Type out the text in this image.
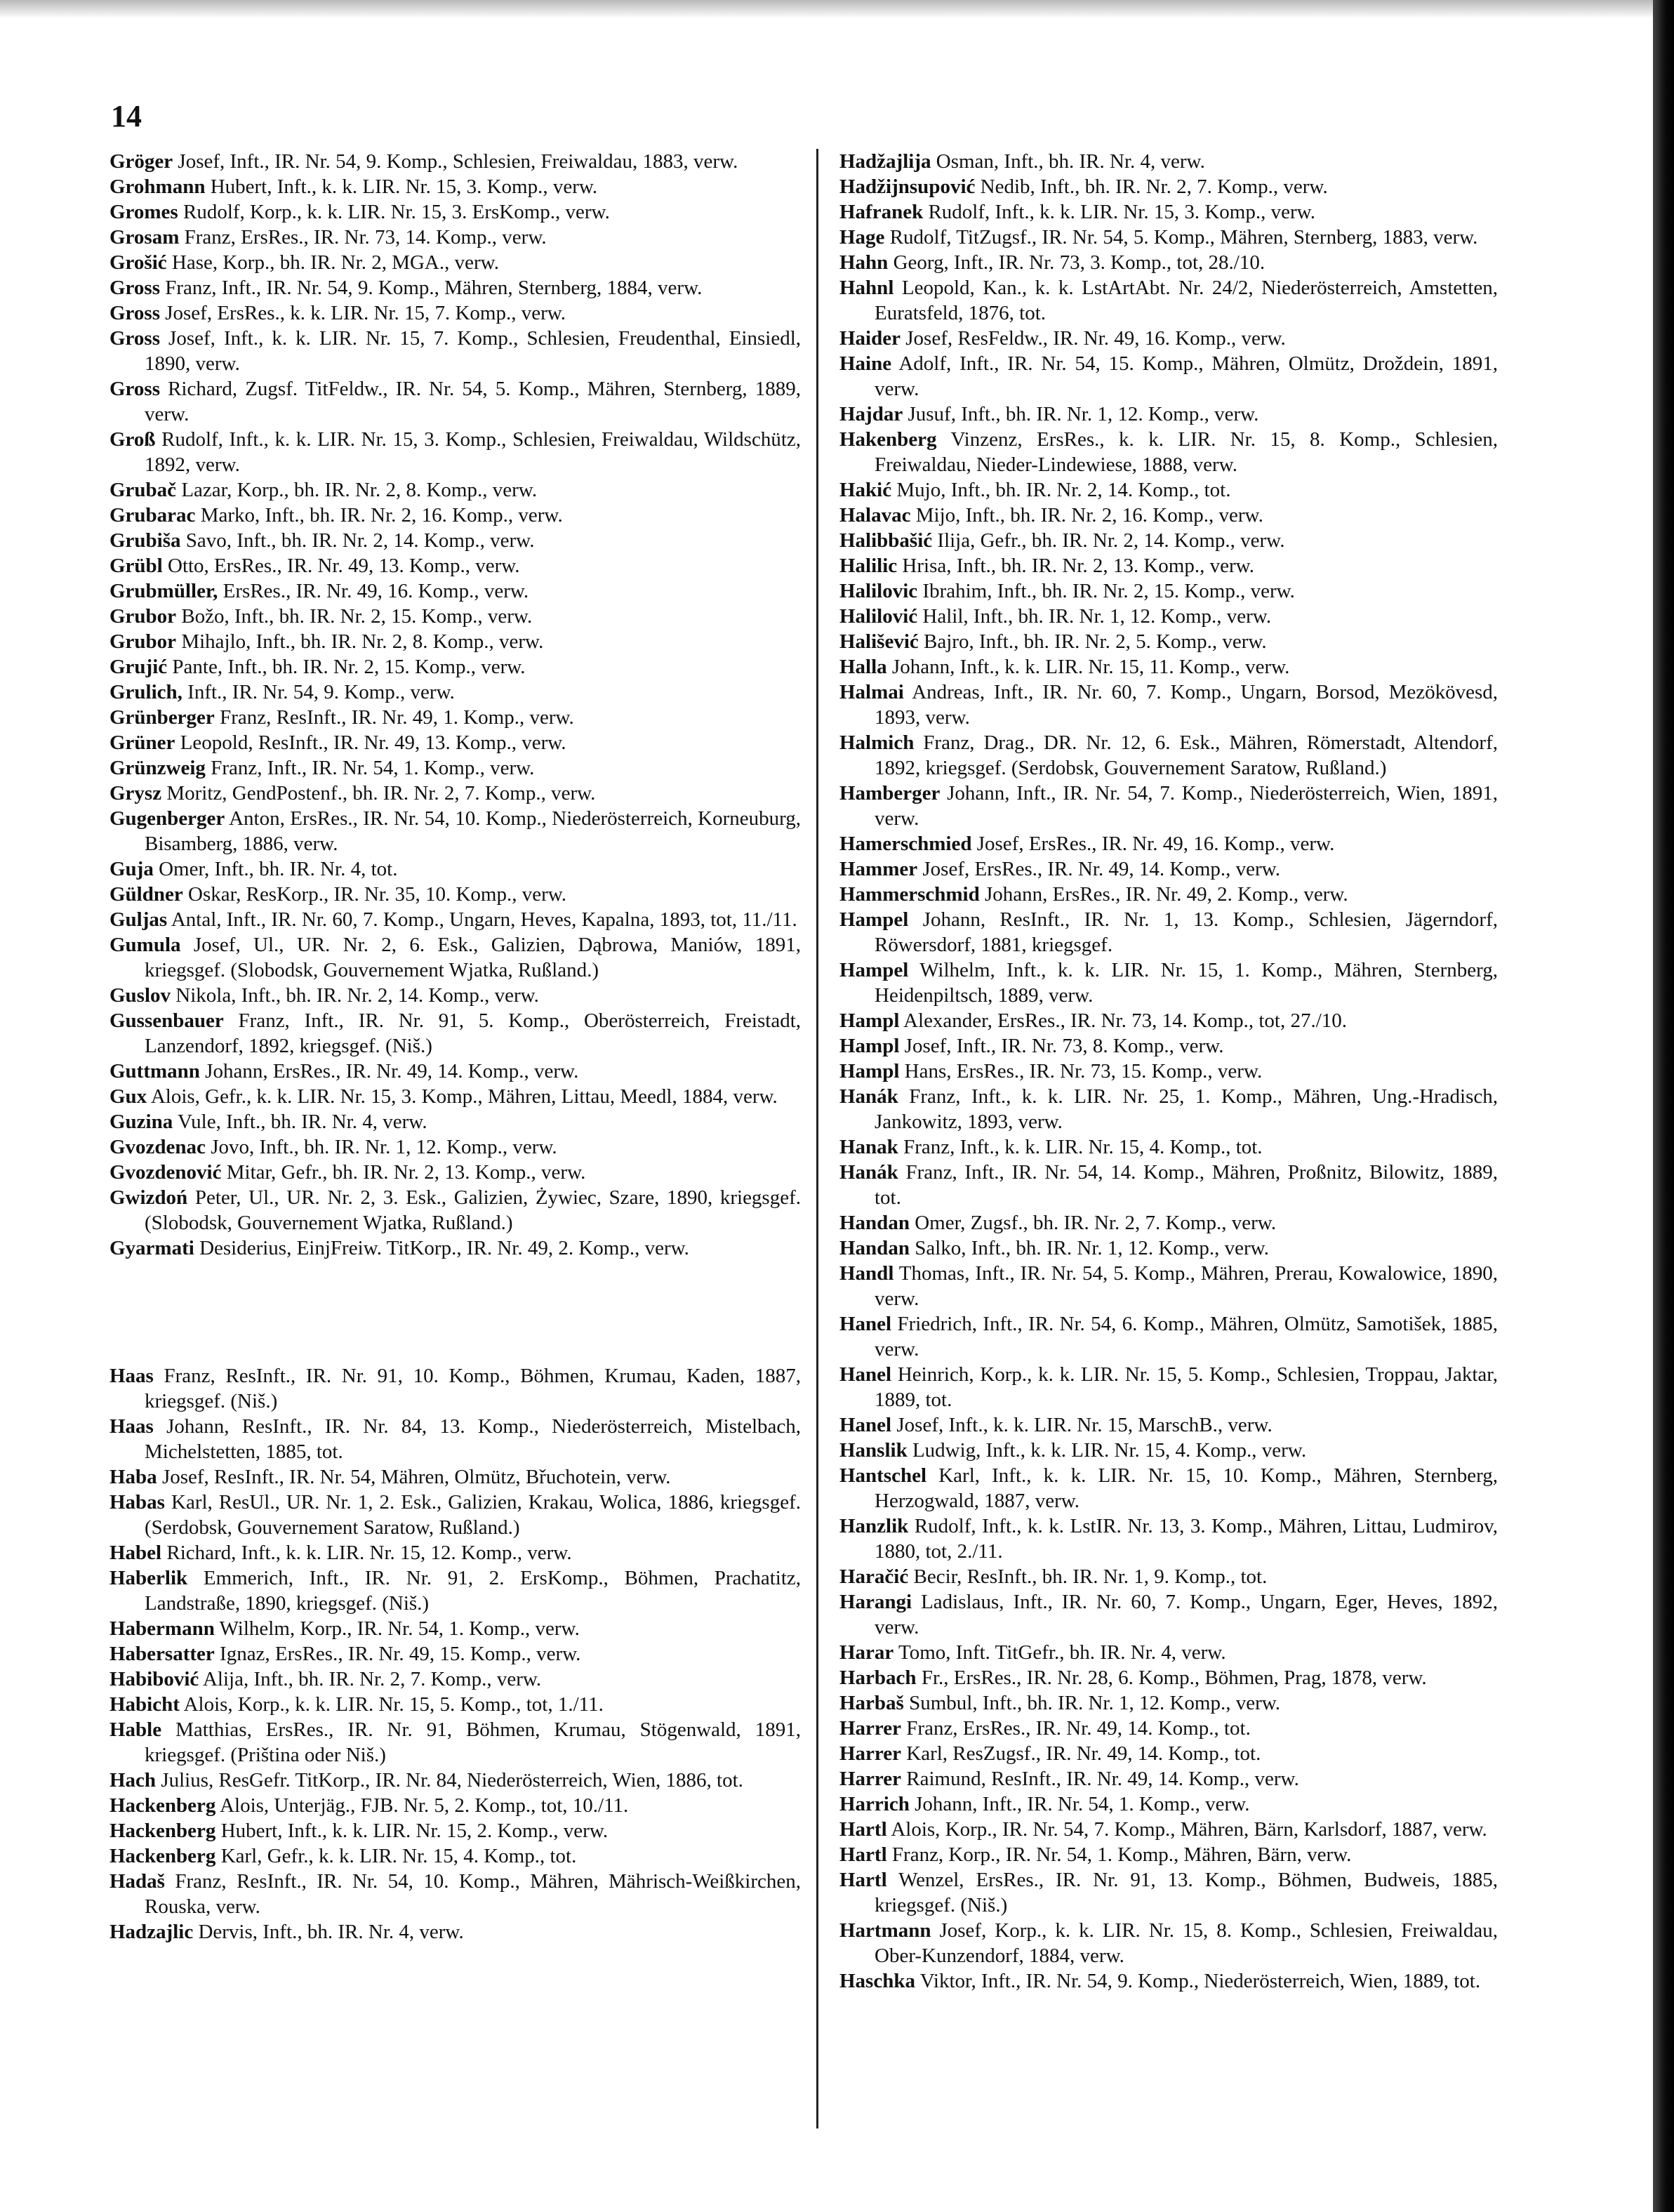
14

Gröger Josef, Inft., IR. Nr. 54, 9. Komp., Schlesien, Freiwaldau, 1883, verw.

Grohmann Hubert, Inft., k. k. LIR. Nr. 15, 3. Komp., verw.

Gromes Rudolf, Korp., k. k. LIR. Nr. 15, 3. ErsKomp., verw.

Grosam Franz, ErsRes., IR. Nr. 73, 14. Komp., verw.

Grošić Hase, Korp., bh. IR. Nr. 2, MGA., verw.

Gross Franz, Inft., IR. Nr. 54, 9. Komp., Mähren, Sternberg, 1884, verw.

Gross Josef, ErsRes., k. k. LIR. Nr. 15, 7. Komp., verw.

Gross Josef, Inft., k. k. LIR. Nr. 15, 7. Komp., Schlesien, Freudenthal, Einsiedl, 1890, verw.

Gross Richard, Zugsf. TitFeldw., IR. Nr. 54, 5. Komp., Mähren, Sternberg, 1889, verw.

Groß Rudolf, Inft., k. k. LIR. Nr. 15, 3. Komp., Schlesien, Freiwaldau, Wildschütz, 1892, verw.

Grubač Lazar, Korp., bh. IR. Nr. 2, 8. Komp., verw.

Grubarac Marko, Inft., bh. IR. Nr. 2, 16. Komp., verw.

Grubiša Savo, Inft., bh. IR. Nr. 2, 14. Komp., verw.

Grübl Otto, ErsRes., IR. Nr. 49, 13. Komp., verw.

Grubmüller, ErsRes., IR. Nr. 49, 16. Komp., verw.

Grubor Božo, Inft., bh. IR. Nr. 2, 15. Komp., verw.

Grubor Mihajlo, Inft., bh. IR. Nr. 2, 8. Komp., verw.

Grujić Pante, Inft., bh. IR. Nr. 2, 15. Komp., verw.

Grulich, Inft., IR. Nr. 54, 9. Komp., verw.

Grünberger Franz, ResInft., IR. Nr. 49, 1. Komp., verw.

Grüner Leopold, ResInft., IR. Nr. 49, 13. Komp., verw.

Grünzweig Franz, Inft., IR. Nr. 54, 1. Komp., verw.

Grysz Moritz, GendPostenf., bh. IR. Nr. 2, 7. Komp., verw.

Gugenberger Anton, ErsRes., IR. Nr. 54, 10. Komp., Niederösterreich, Korneuburg, Bisamberg, 1886, verw.

Guja Omer, Inft., bh. IR. Nr. 4, tot.

Güldner Oskar, ResKorp., IR. Nr. 35, 10. Komp., verw.

Guljas Antal, Inft., IR. Nr. 60, 7. Komp., Ungarn, Heves, Kapalna, 1893, tot, 11./11.

Gumula Josef, Ul., UR. Nr. 2, 6. Esk., Galizien, Dąbrowa, Maniów, 1891, kriegsgef. (Slobodsk, Gouvernement Wjatka, Rußland.)

Guslov Nikola, Inft., bh. IR. Nr. 2, 14. Komp., verw.

Gussenbauer Franz, Inft., IR. Nr. 91, 5. Komp., Oberösterreich, Freistadt, Lanzendorf, 1892, kriegsgef. (Niš.)

Guttmann Johann, ErsRes., IR. Nr. 49, 14. Komp., verw.

Gux Alois, Gefr., k. k. LIR. Nr. 15, 3. Komp., Mähren, Littau, Meedl, 1884, verw.

Guzina Vule, Inft., bh. IR. Nr. 4, verw.

Gvozdenac Jovo, Inft., bh. IR. Nr. 1, 12. Komp., verw.

Gvozdenović Mitar, Gefr., bh. IR. Nr. 2, 13. Komp., verw.

Gwizdoń Peter, Ul., UR. Nr. 2, 3. Esk., Galizien, Żywiec, Szare, 1890, kriegsgef. (Slobodsk, Gouvernement Wjatka, Rußland.)

Gyarmati Desiderius, EinjFreiw. TitKorp., IR. Nr. 49, 2. Komp., verw.

Haas Franz, ResInft., IR. Nr. 91, 10. Komp., Böhmen, Krumau, Kaden, 1887, kriegsgef. (Niš.)

Haas Johann, ResInft., IR. Nr. 84, 13. Komp., Niederösterreich, Mistelbach, Michelstetten, 1885, tot.

Haba Josef, ResInft., IR. Nr. 54, Mähren, Olmütz, Břuchotein, verw.

Habas Karl, ResUl., UR. Nr. 1, 2. Esk., Galizien, Krakau, Wolica, 1886, kriegsgef. (Serdobsk, Gouvernement Saratow, Rußland.)

Habel Richard, Inft., k. k. LIR. Nr. 15, 12. Komp., verw.

Haberlik Emmerich, Inft., IR. Nr. 91, 2. ErsKomp., Böhmen, Prachatitz, Landstraße, 1890, kriegsgef. (Niš.)

Habermann Wilhelm, Korp., IR. Nr. 54, 1. Komp., verw.

Habersatter Ignaz, ErsRes., IR. Nr. 49, 15. Komp., verw.

Habibović Alija, Inft., bh. IR. Nr. 2, 7. Komp., verw.

Habicht Alois, Korp., k. k. LIR. Nr. 15, 5. Komp., tot, 1./11.

Hable Matthias, ErsRes., IR. Nr. 91, Böhmen, Krumau, Stögenwald, 1891, kriegsgef. (Priština oder Niš.)

Hach Julius, ResGefr. TitKorp., IR. Nr. 84, Niederösterreich, Wien, 1886, tot.

Hackenberg Alois, Unterjäg., FJB. Nr. 5, 2. Komp., tot, 10./11.

Hackenberg Hubert, Inft., k. k. LIR. Nr. 15, 2. Komp., verw.

Hackenberg Karl, Gefr., k. k. LIR. Nr. 15, 4. Komp., tot.

Hadaš Franz, ResInft., IR. Nr. 54, 10. Komp., Mähren, Mährisch-Weißkirchen, Rouska, verw.

Hadzajlic Dervis, Inft., bh. IR. Nr. 4, verw.

Hadžajlija Osman, Inft., bh. IR. Nr. 4, verw.

Hadžijnsupović Nedib, Inft., bh. IR. Nr. 2, 7. Komp., verw.

Hafranek Rudolf, Inft., k. k. LIR. Nr. 15, 3. Komp., verw.

Hage Rudolf, TitZugsf., IR. Nr. 54, 5. Komp., Mähren, Sternberg, 1883, verw.

Hahn Georg, Inft., IR. Nr. 73, 3. Komp., tot, 28./10.

Hahnl Leopold, Kan., k. k. LstArtAbt. Nr. 24/2, Niederösterreich, Amstetten, Euratsfeld, 1876, tot.

Haider Josef, ResFeldw., IR. Nr. 49, 16. Komp., verw.

Haine Adolf, Inft., IR. Nr. 54, 15. Komp., Mähren, Olmütz, Droždein, 1891, verw.

Hajdar Jusuf, Inft., bh. IR. Nr. 1, 12. Komp., verw.

Hakenberg Vinzenz, ErsRes., k. k. LIR. Nr. 15, 8. Komp., Schlesien, Freiwaldau, Nieder-Lindewiese, 1888, verw.

Hakić Mujo, Inft., bh. IR. Nr. 2, 14. Komp., tot.

Halavac Mijo, Inft., bh. IR. Nr. 2, 16. Komp., verw.

Halibbašić Ilija, Gefr., bh. IR. Nr. 2, 14. Komp., verw.

Halilic Hrisa, Inft., bh. IR. Nr. 2, 13. Komp., verw.

Halilovic Ibrahim, Inft., bh. IR. Nr. 2, 15. Komp., verw.

Halilović Halil, Inft., bh. IR. Nr. 1, 12. Komp., verw.

Hališević Bajro, Inft., bh. IR. Nr. 2, 5. Komp., verw.

Halla Johann, Inft., k. k. LIR. Nr. 15, 11. Komp., verw.

Halmai Andreas, Inft., IR. Nr. 60, 7. Komp., Ungarn, Borsod, Mezökövesd, 1893, verw.

Halmich Franz, Drag., DR. Nr. 12, 6. Esk., Mähren, Römerstadt, Altendorf, 1892, kriegsgef. (Serdobsk, Gouvernement Saratow, Rußland.)

Hamberger Johann, Inft., IR. Nr. 54, 7. Komp., Niederösterreich, Wien, 1891, verw.

Hamerschmied Josef, ErsRes., IR. Nr. 49, 16. Komp., verw.

Hammer Josef, ErsRes., IR. Nr. 49, 14. Komp., verw.

Hammerschmid Johann, ErsRes., IR. Nr. 49, 2. Komp., verw.

Hampel Johann, ResInft., IR. Nr. 1, 13. Komp., Schlesien, Jägerndorf, Röwersdorf, 1881, kriegsgef.

Hampel Wilhelm, Inft., k. k. LIR. Nr. 15, 1. Komp., Mähren, Sternberg, Heidenpiltsch, 1889, verw.

Hampl Alexander, ErsRes., IR. Nr. 73, 14. Komp., tot, 27./10.

Hampl Josef, Inft., IR. Nr. 73, 8. Komp., verw.

Hampl Hans, ErsRes., IR. Nr. 73, 15. Komp., verw.

Hanák Franz, Inft., k. k. LIR. Nr. 25, 1. Komp., Mähren, Ung.-Hradisch, Jankowitz, 1893, verw.

Hanak Franz, Inft., k. k. LIR. Nr. 15, 4. Komp., tot.

Hanák Franz, Inft., IR. Nr. 54, 14. Komp., Mähren, Proßnitz, Bilowitz, 1889, tot.

Handan Omer, Zugsf., bh. IR. Nr. 2, 7. Komp., verw.

Handan Salko, Inft., bh. IR. Nr. 1, 12. Komp., verw.

Handl Thomas, Inft., IR. Nr. 54, 5. Komp., Mähren, Prerau, Kowalowice, 1890, verw.

Hanel Friedrich, Inft., IR. Nr. 54, 6. Komp., Mähren, Olmütz, Samotišek, 1885, verw.

Hanel Heinrich, Korp., k. k. LIR. Nr. 15, 5. Komp., Schlesien, Troppau, Jaktar, 1889, tot.

Hanel Josef, Inft., k. k. LIR. Nr. 15, MarschB., verw.

Hanslik Ludwig, Inft., k. k. LIR. Nr. 15, 4. Komp., verw.

Hantschel Karl, Inft., k. k. LIR. Nr. 15, 10. Komp., Mähren, Sternberg, Herzogwald, 1887, verw.

Hanzlik Rudolf, Inft., k. k. LstIR. Nr. 13, 3. Komp., Mähren, Littau, Ludmirov, 1880, tot, 2./11.

Haračić Becir, ResInft., bh. IR. Nr. 1, 9. Komp., tot.

Harangi Ladislaus, Inft., IR. Nr. 60, 7. Komp., Ungarn, Eger, Heves, 1892, verw.

Harar Tomo, Inft. TitGefr., bh. IR. Nr. 4, verw.

Harbach Fr., ErsRes., IR. Nr. 28, 6. Komp., Böhmen, Prag, 1878, verw.

Harbaš Sumbul, Inft., bh. IR. Nr. 1, 12. Komp., verw.

Harrer Franz, ErsRes., IR. Nr. 49, 14. Komp., tot.

Harrer Karl, ResZugsf., IR. Nr. 49, 14. Komp., tot.

Harrer Raimund, ResInft., IR. Nr. 49, 14. Komp., verw.

Harrich Johann, Inft., IR. Nr. 54, 1. Komp., verw.

Hartl Alois, Korp., IR. Nr. 54, 7. Komp., Mähren, Bärn, Karlsdorf, 1887, verw.

Hartl Franz, Korp., IR. Nr. 54, 1. Komp., Mähren, Bärn, verw.

Hartl Wenzel, ErsRes., IR. Nr. 91, 13. Komp., Böhmen, Budweis, 1885, kriegsgef. (Niš.)

Hartmann Josef, Korp., k. k. LIR. Nr. 15, 8. Komp., Schlesien, Freiwaldau, Ober-Kunzendorf, 1884, verw.

Haschka Viktor, Inft., IR. Nr. 54, 9. Komp., Niederösterreich, Wien, 1889, tot.
